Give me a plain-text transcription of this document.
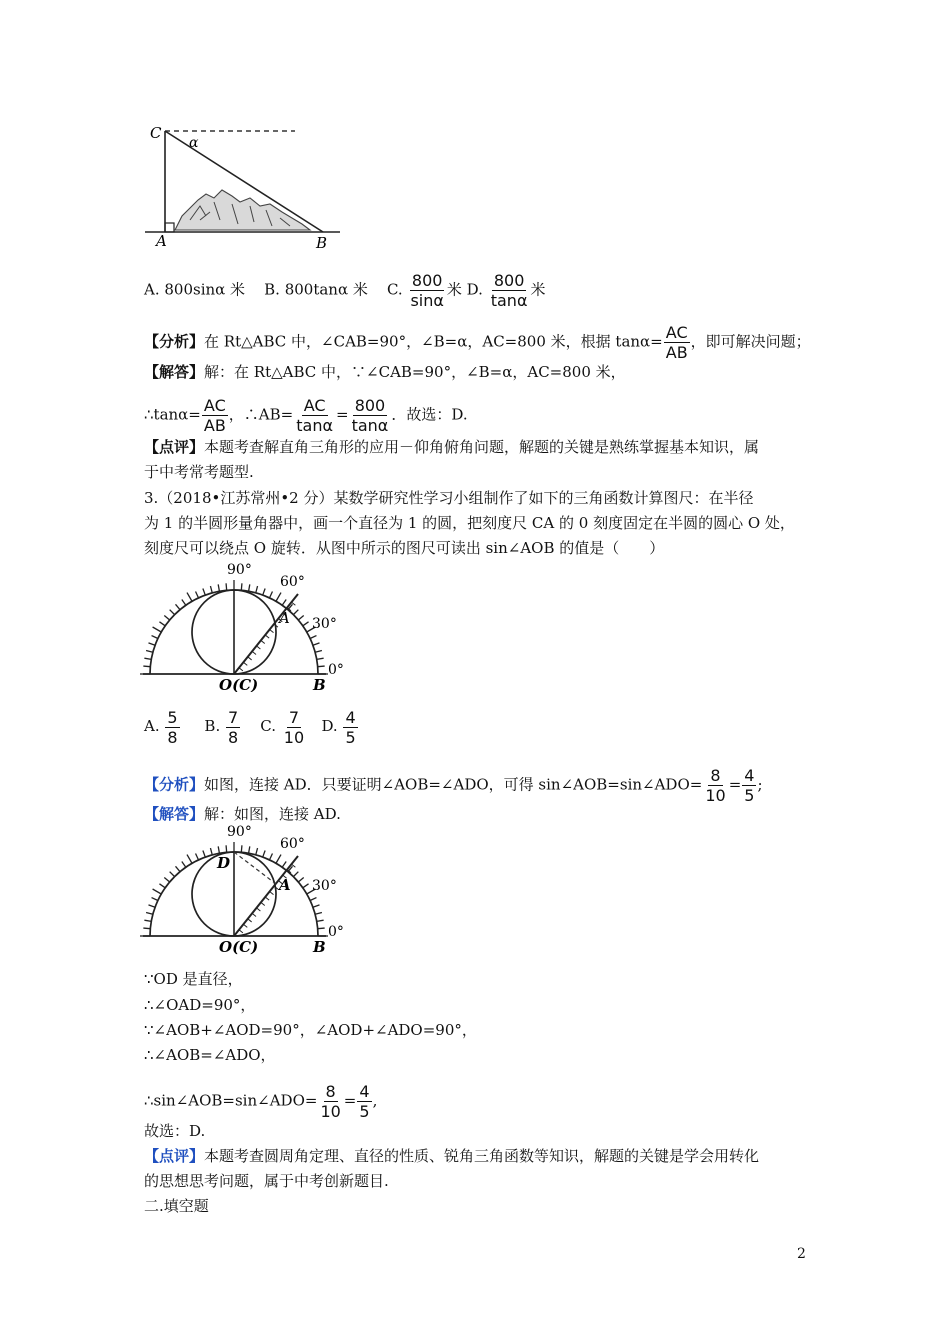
C
α
A	B
A. 800sinα 米 B. 800tanα 米 C. $\frac{800}{\sin\alpha}$ 米 D. $\frac{800}{\tan\alpha}$ 米
【分析】在 Rt△ABC 中，∠CAB=90°，∠B=α，AC=800 米，根据 $\tan\alpha= \frac{AC}{AB}$ ，即可解决问题；
【解答】解：在 Rt△ABC 中，∵∠CAB=90°，∠B=α，AC=800 米，
∴tanα= $\frac{AC}{AB}$ ，∴AB= $\frac{AC}{\tan\alpha} = \frac{800}{\tan\alpha}$ ．故选：D.
【点评】本题考查解直角三角形的应用－仰角俯角问题，解题的关键是熟练掌握基本知识，属
于中考常考题型.
3.（2018•江苏常州•2 分）某数学研究性学习小组制作了如下的三角函数计算图尺：在半径
为 1 的半圆形量角器中，画一个直径为 1 的圆，把刻度尺 CA 的 0 刻度固定在半圆的圆心 O 处，
刻度尺可以绕点 O 旋转．从图中所示的图尺可读出 sin∠AOB 的值是（　　）
90°
60°
30°
0°
A
O(C)	B
A. $\frac{5}{8} B$. $\frac{7}{8} C$. $\frac{7}{10} D$. $\frac{4}{5}$
【分析】如图，连接 AD．只要证明∠AOB=∠ADO，可得 sin∠AOB=sin∠ADO= $\frac{8}{10} = \frac{4}{5}$ ;
【解答】解：如图，连接 AD.
90°
60°
30°
0°
D
A
O(C)	B
∵OD 是直径，
∴∠OAD=90°，
∵∠AOB+∠AOD=90°，∠AOD+∠ADO=90°，
∴∠AOB=∠ADO，
∴sin∠AOB=sin∠ADO= $\frac{8}{10} = \frac{4}{5}$ ,
故选：D.
【点评】本题考查圆周角定理、直径的性质、锐角三角函数等知识，解题的关键是学会用转化
的思想思考问题，属于中考创新题目.
二.填空题
2
